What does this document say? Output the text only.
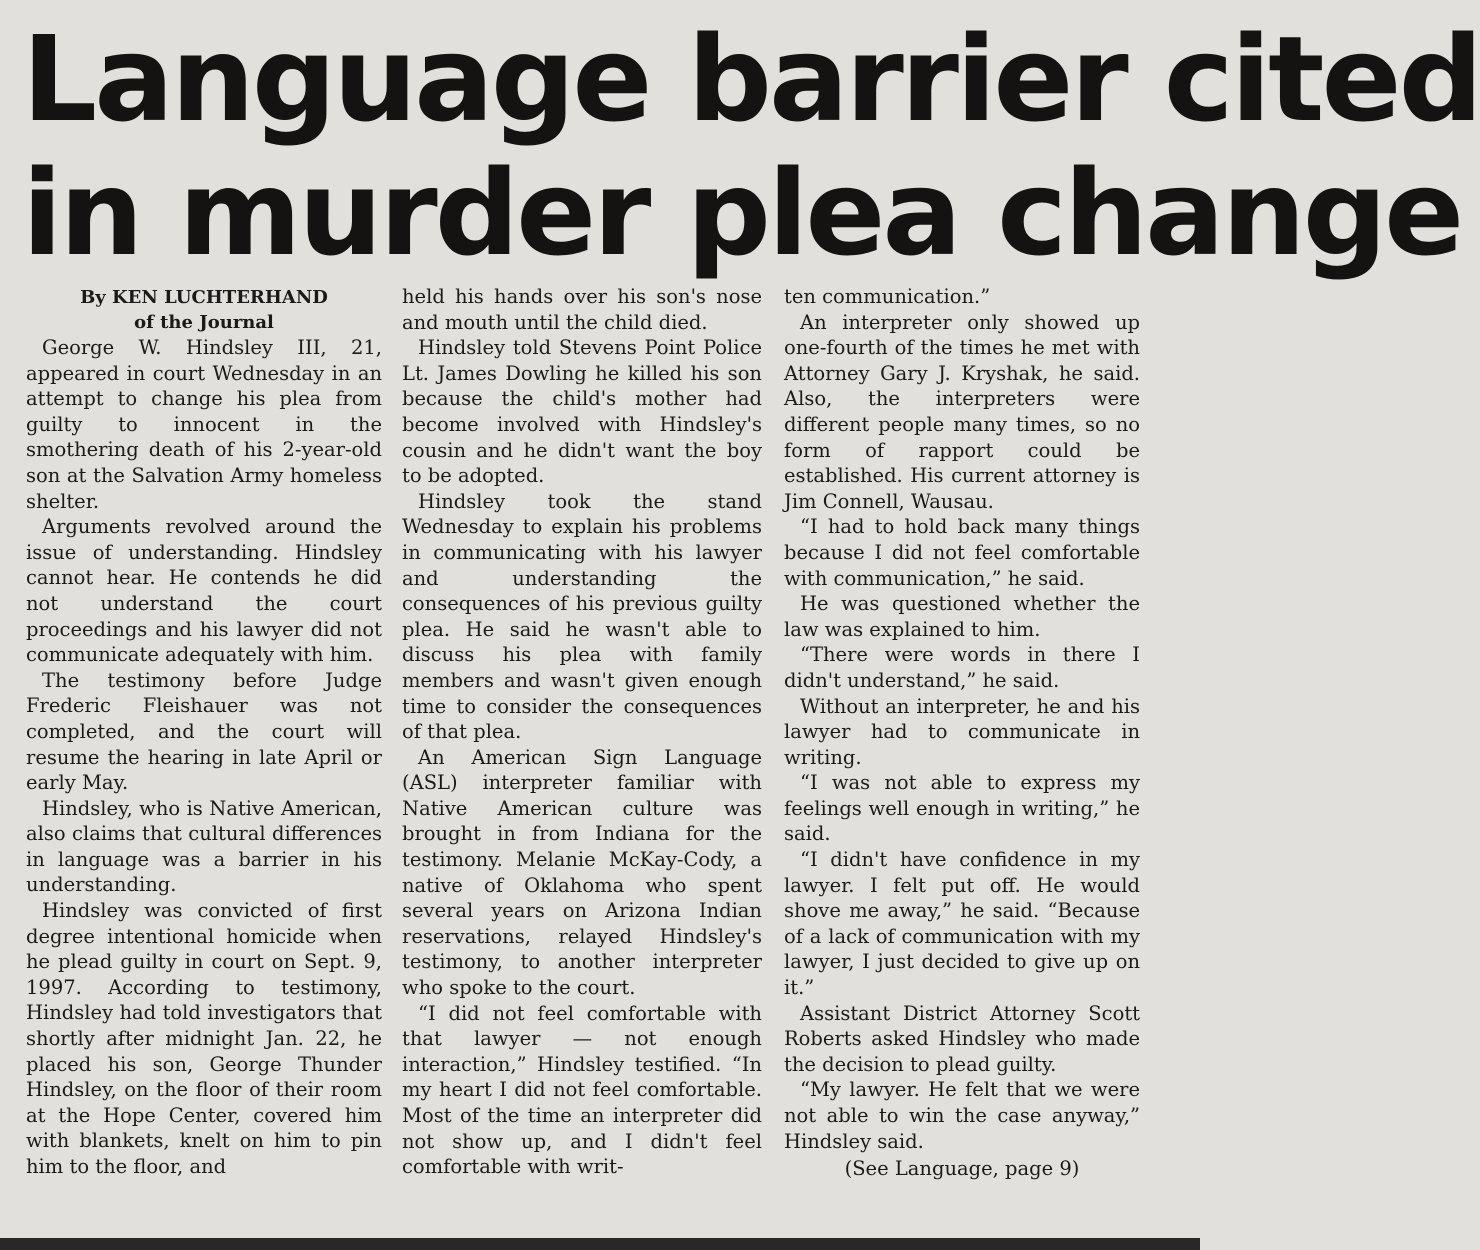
Language barrier cited
in murder plea change
By KEN LUCHTERHAND
of the Journal

George W. Hindsley III, 21, appeared in court Wednesday in an attempt to change his plea from guilty to innocent in the smothering death of his 2-year-old son at the Salvation Army homeless shelter.

Arguments revolved around the issue of understanding. Hindsley cannot hear. He contends he did not understand the court proceedings and his lawyer did not communicate adequately with him.

The testimony before Judge Frederic Fleishauer was not completed, and the court will resume the hearing in late April or early May.

Hindsley, who is Native American, also claims that cultural differences in language was a barrier in his understanding.

Hindsley was convicted of first degree intentional homicide when he plead guilty in court on Sept. 9, 1997. According to testimony, Hindsley had told investigators that shortly after midnight Jan. 22, he placed his son, George Thunder Hindsley, on the floor of their room at the Hope Center, covered him with blankets, knelt on him to pin him to the floor, and

held his hands over his son's nose and mouth until the child died.

Hindsley told Stevens Point Police Lt. James Dowling he killed his son because the child's mother had become involved with Hindsley's cousin and he didn't want the boy to be adopted.

Hindsley took the stand Wednesday to explain his problems in communicating with his lawyer and understanding the consequences of his previous guilty plea. He said he wasn't able to discuss his plea with family members and wasn't given enough time to consider the consequences of that plea.

An American Sign Language (ASL) interpreter familiar with Native American culture was brought in from Indiana for the testimony. Melanie McKay-Cody, a native of Oklahoma who spent several years on Arizona Indian reservations, relayed Hindsley's testimony, to another interpreter who spoke to the court.

“I did not feel comfortable with that lawyer — not enough interaction,” Hindsley testified. “In my heart I did not feel comfortable. Most of the time an interpreter did not show up, and I didn't feel comfortable with writ-

ten communication.”

An interpreter only showed up one-fourth of the times he met with Attorney Gary J. Kryshak, he said. Also, the interpreters were different people many times, so no form of rapport could be established. His current attorney is Jim Connell, Wausau.

“I had to hold back many things because I did not feel comfortable with communication,” he said.

He was questioned whether the law was explained to him.

“There were words in there I didn't understand,” he said.

Without an interpreter, he and his lawyer had to communicate in writing.

“I was not able to express my feelings well enough in writing,” he said.

“I didn't have confidence in my lawyer. I felt put off. He would shove me away,” he said. “Because of a lack of communication with my lawyer, I just decided to give up on it.”

Assistant District Attorney Scott Roberts asked Hindsley who made the decision to plead guilty.

“My lawyer. He felt that we were not able to win the case anyway,” Hindsley said.

(See Language, page 9)
